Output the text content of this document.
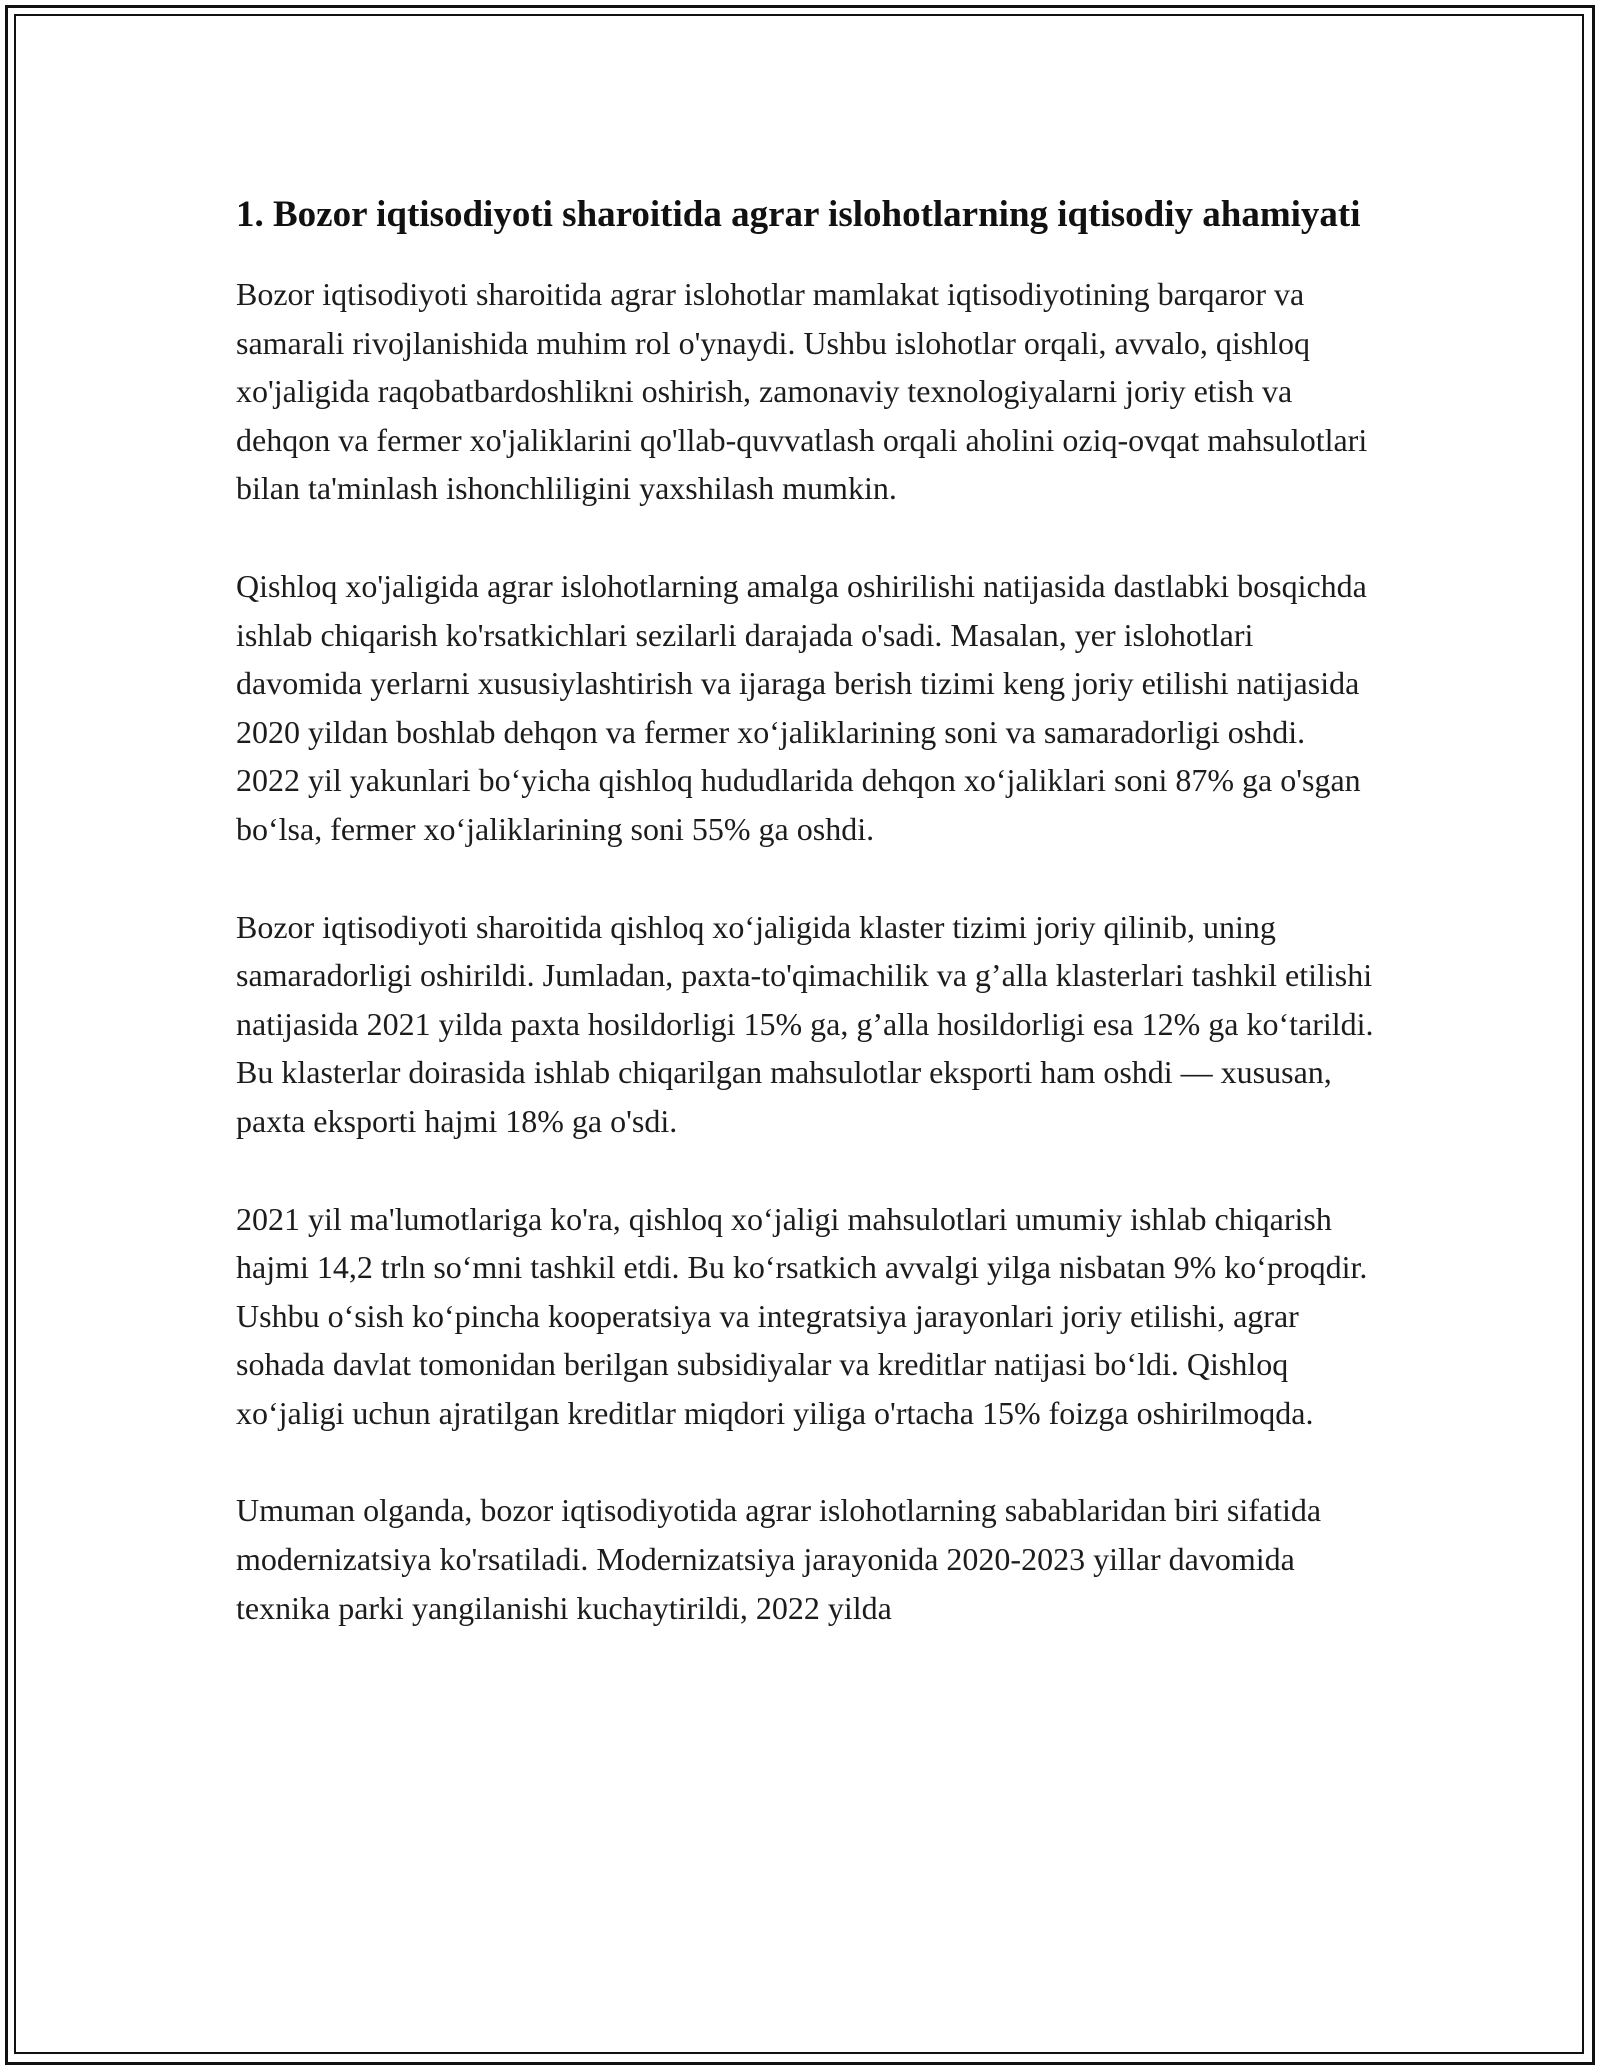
1. Bozor iqtisodiyoti sharoitida agrar islohotlarning iqtisodiy ahamiyati

Bozor iqtisodiyoti sharoitida agrar islohotlar mamlakat iqtisodiyotining barqaror va samarali rivojlanishida muhim rol o'ynaydi. Ushbu islohotlar orqali, avvalo, qishloq xo'jaligida raqobatbardoshlikni oshirish, zamonaviy texnologiyalarni joriy etish va dehqon va fermer xo'jaliklarini qo'llab-quvvatlash orqali aholini oziq-ovqat mahsulotlari bilan ta'minlash ishonchliligini yaxshilash mumkin.

Qishloq xo'jaligida agrar islohotlarning amalga oshirilishi natijasida dastlabki bosqichda ishlab chiqarish ko'rsatkichlari sezilarli darajada o'sadi. Masalan, yer islohotlari davomida yerlarni xususiylashtirish va ijaraga berish tizimi keng joriy etilishi natijasida 2020 yildan boshlab dehqon va fermer xo‘jaliklarining soni va samaradorligi oshdi. 2022 yil yakunlari bo‘yicha qishloq hududlarida dehqon xo‘jaliklari soni 87% ga o'sgan bo‘lsa, fermer xo‘jaliklarining soni 55% ga oshdi.

Bozor iqtisodiyoti sharoitida qishloq xo‘jaligida klaster tizimi joriy qilinib, uning samaradorligi oshirildi. Jumladan, paxta-to'qimachilik va g’alla klasterlari tashkil etilishi natijasida 2021 yilda paxta hosildorligi 15% ga, g’alla hosildorligi esa 12% ga ko‘tarildi. Bu klasterlar doirasida ishlab chiqarilgan mahsulotlar eksporti ham oshdi — xususan, paxta eksporti hajmi 18% ga o'sdi.

2021 yil ma'lumotlariga ko'ra, qishloq xo‘jaligi mahsulotlari umumiy ishlab chiqarish hajmi 14,2 trln so‘mni tashkil etdi. Bu ko‘rsatkich avvalgi yilga nisbatan 9% ko‘proqdir. Ushbu o‘sish ko‘pincha kooperatsiya va integratsiya jarayonlari joriy etilishi, agrar sohada davlat tomonidan berilgan subsidiyalar va kreditlar natijasi bo‘ldi. Qishloq xo‘jaligi uchun ajratilgan kreditlar miqdori yiliga o'rtacha 15% foizga oshirilmoqda.

Umuman olganda, bozor iqtisodiyotida agrar islohotlarning sabablaridan biri sifatida modernizatsiya ko'rsatiladi. Modernizatsiya jarayonida 2020-2023 yillar davomida texnika parki yangilanishi kuchaytirildi, 2022 yilda
